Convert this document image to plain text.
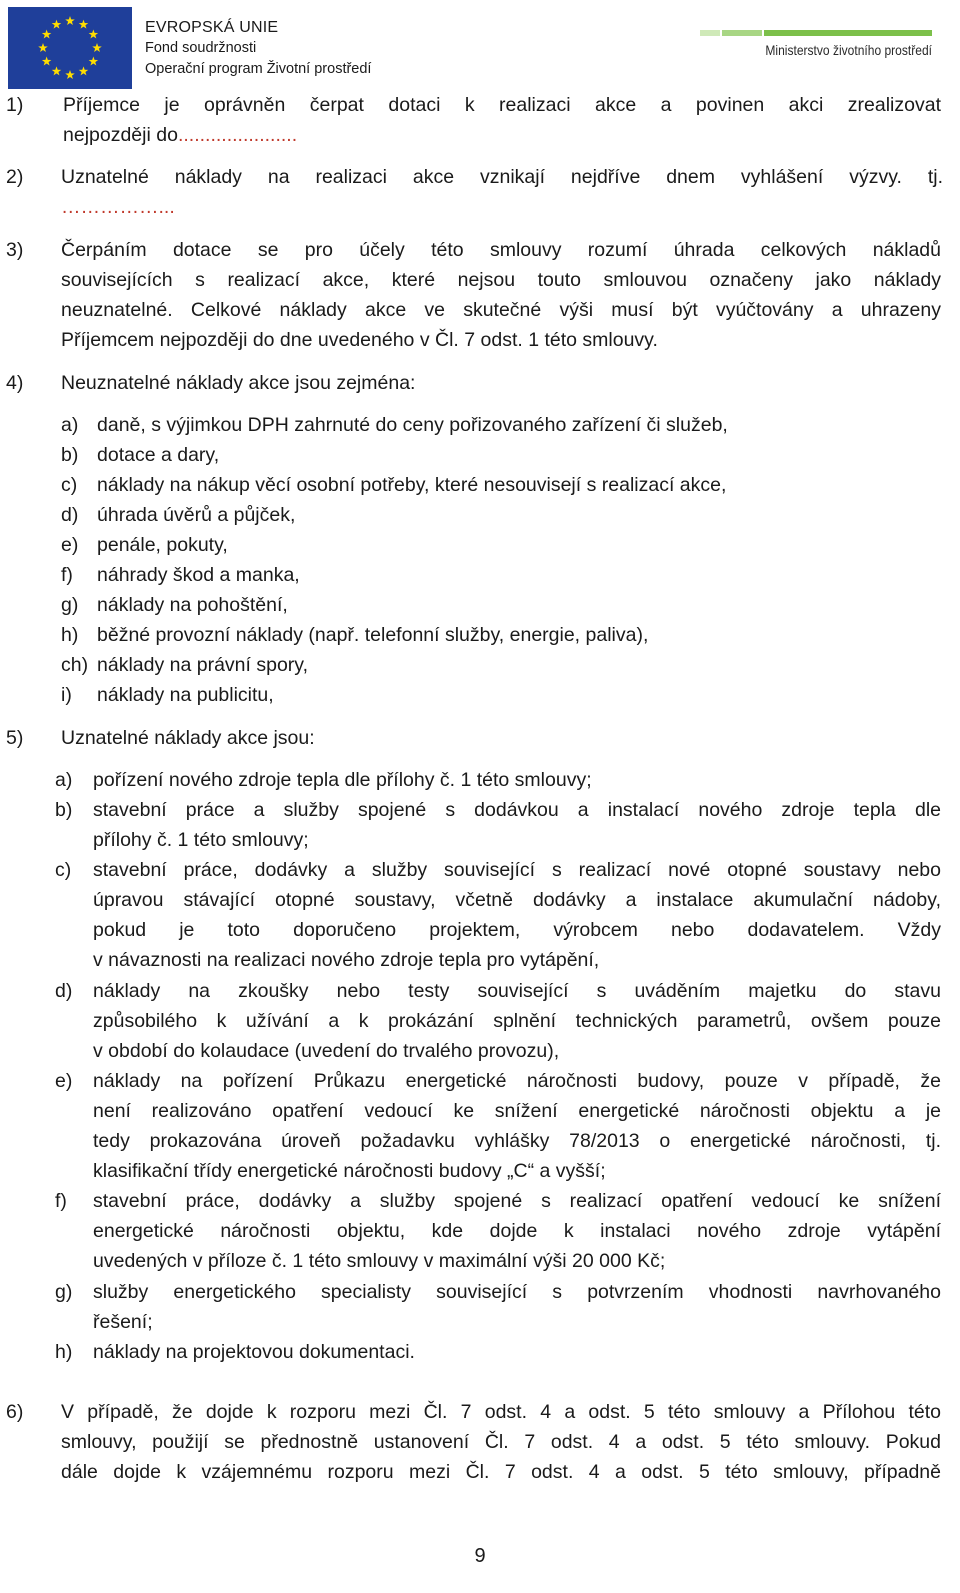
EVROPSKÁ UNIE
Fond soudržnosti
Operační program Životní prostředí
Ministerstvo životního prostředí
1) Příjemce je oprávněn čerpat dotaci k realizaci akce a povinen akci zrealizovat
nejpozději do......................
2) Uznatelné náklady na realizaci akce vznikají nejdříve dnem vyhlášení výzvy. tj.
……………...
3) Čerpáním dotace se pro účely této smlouvy rozumí úhrada celkových nákladů
souvisejících s realizací akce, které nejsou touto smlouvou označeny jako náklady
neuznatelné. Celkové náklady akce ve skutečné výši musí být vyúčtovány a uhrazeny
Příjemcem nejpozději do dne uvedeného v Čl. 7 odst. 1 této smlouvy.
4) Neuznatelné náklady akce jsou zejména:
a) daně, s výjimkou DPH zahrnuté do ceny pořizovaného zařízení či služeb,
b) dotace a dary,
c) náklady na nákup věcí osobní potřeby, které nesouvisejí s realizací akce,
d) úhrada úvěrů a půjček,
e) penále, pokuty,
f) náhrady škod a manka,
g) náklady na pohoštění,
h) běžné provozní náklady (např. telefonní služby, energie, paliva),
ch) náklady na právní spory,
i) náklady na publicitu,
5) Uznatelné náklady akce jsou:
a) pořízení nového zdroje tepla dle přílohy č. 1 této smlouvy;
b) stavební práce a služby spojené s dodávkou a instalací nového zdroje tepla dle
přílohy č. 1 této smlouvy;
c) stavební práce, dodávky a služby související s realizací nové otopné soustavy nebo
úpravou stávající otopné soustavy, včetně dodávky a instalace akumulační nádoby,
pokud je toto doporučeno projektem, výrobcem nebo dodavatelem. Vždy
v návaznosti na realizaci nového zdroje tepla pro vytápění,
d) náklady na zkoušky nebo testy související s uváděním majetku do stavu
způsobilého k užívání a k prokázání splnění technických parametrů, ovšem pouze
v období do kolaudace (uvedení do trvalého provozu),
e) náklady na pořízení Průkazu energetické náročnosti budovy, pouze v případě, že
není realizováno opatření vedoucí ke snížení energetické náročnosti objektu a je
tedy prokazována úroveň požadavku vyhlášky 78/2013 o energetické náročnosti, tj.
klasifikační třídy energetické náročnosti budovy „C“ a vyšší;
f) stavební práce, dodávky a služby spojené s realizací opatření vedoucí ke snížení
energetické náročnosti objektu, kde dojde k instalaci nového zdroje vytápění
uvedených v příloze č. 1 této smlouvy v maximální výši 20 000 Kč;
g) služby energetického specialisty související s potvrzením vhodnosti navrhovaného
řešení;
h) náklady na projektovou dokumentaci.
6) V případě, že dojde k rozporu mezi Čl. 7 odst. 4 a odst. 5 této smlouvy a Přílohou této
smlouvy, použijí se přednostně ustanovení Čl. 7 odst. 4 a odst. 5 této smlouvy. Pokud
dále dojde k vzájemnému rozporu mezi Čl. 7 odst. 4 a odst. 5 této smlouvy, případně
9
